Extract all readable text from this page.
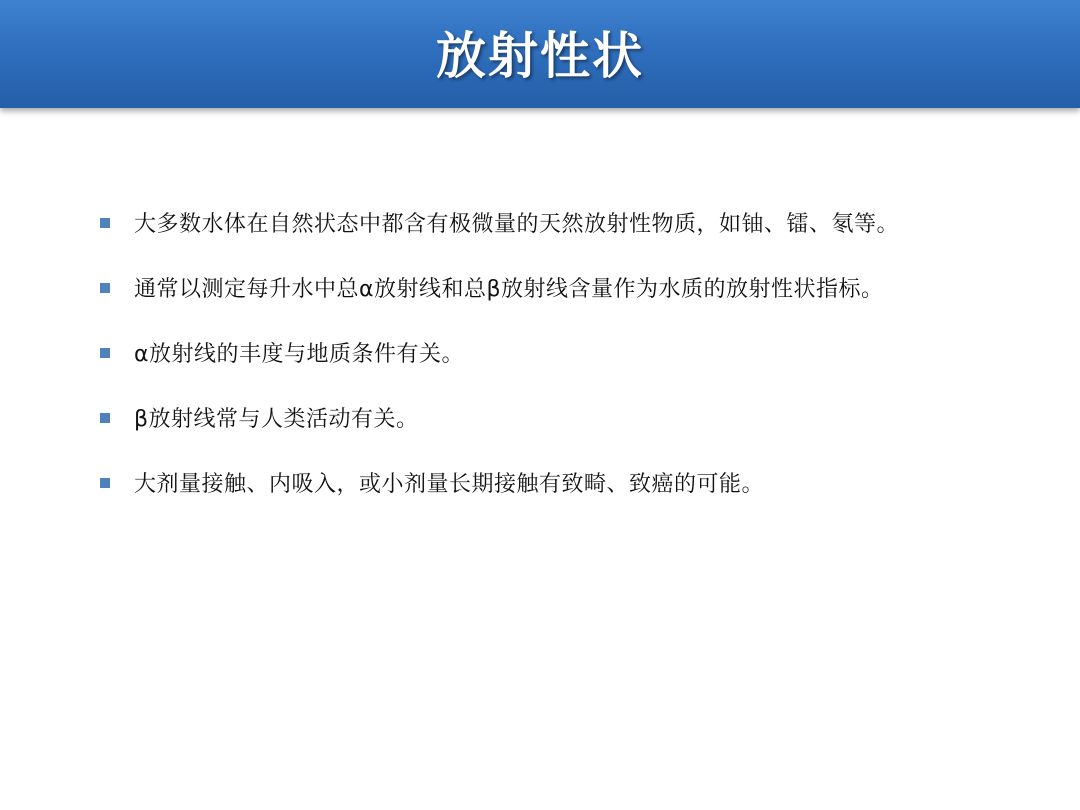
放射性状
大多数水体在自然状态中都含有极微量的天然放射性物质，如铀、镭、氡等。
通常以测定每升水中总α放射线和总β放射线含量作为水质的放射性状指标。
α放射线的丰度与地质条件有关。
β放射线常与人类活动有关。
大剂量接触、内吸入，或小剂量长期接触有致畸、致癌的可能。
